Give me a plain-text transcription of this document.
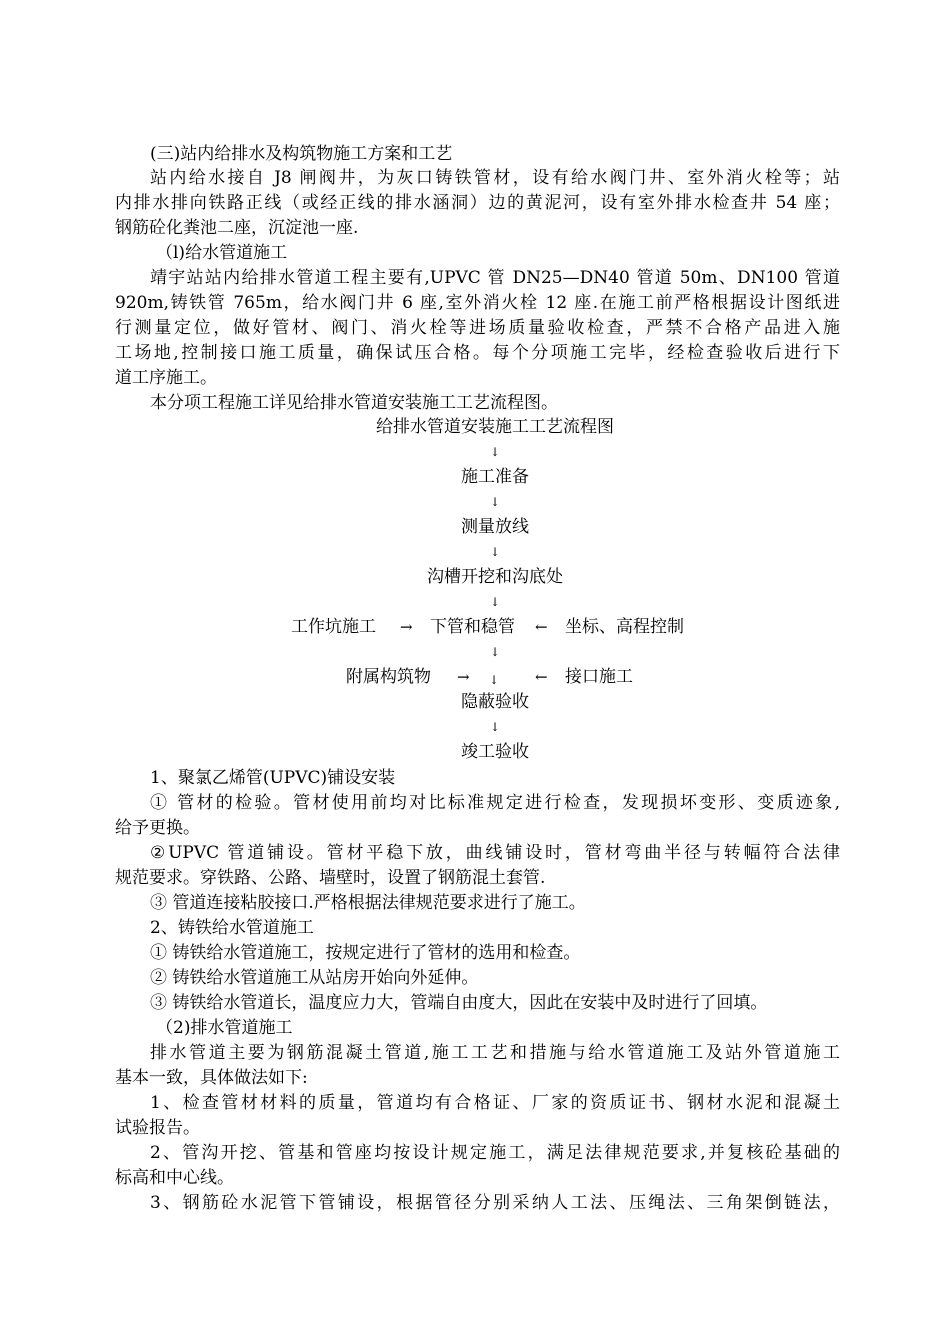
(三)站内给排水及构筑物施工方案和工艺
站内给水接自 J8 闸阀井，为灰口铸铁管材，设有给水阀门井、室外消火栓等；站
内排水排向铁路正线（或经正线的排水涵洞）边的黄泥河，设有室外排水检查井 54 座；
钢筋砼化粪池二座，沉淀池一座.
（l)给水管道施工
靖宇站站内给排水管道工程主要有,UPVC 管 DN25—DN40 管道 50m、DN100 管道
920m,铸铁管 765m，给水阀门井 6 座,室外消火栓 12 座.在施工前严格根据设计图纸进
行测量定位，做好管材、阀门、消火栓等进场质量验收检查，严禁不合格产品进入施
工场地,控制接口施工质量，确保试压合格。每个分项施工完毕，经检查验收后进行下
道工序施工。
本分项工程施工详见给排水管道安装施工工艺流程图。
给排水管道安装施工工艺流程图
↓
施工准备
↓
测量放线
↓
沟槽开挖和沟底处
↓
工作坑施工 → 下管和稳管 ← 坐标、高程控制
↓
附属构筑物 → ↓ ← 接口施工
隐蔽验收
↓
竣工验收
1、聚氯乙烯管(UPVC)铺设安装
① 管材的检验。管材使用前均对比标准规定进行检查，发现损坏变形、变质迹象,
给予更换。
②UPVC 管道铺设。管材平稳下放，曲线铺设时，管材弯曲半径与转幅符合法律
规范要求。穿铁路、公路、墙壁时，设置了钢筋混土套管.
③ 管道连接粘胶接口.严格根据法律规范要求进行了施工。
2、铸铁给水管道施工
① 铸铁给水管道施工，按规定进行了管材的选用和检查。
② 铸铁给水管道施工从站房开始向外延伸。
③ 铸铁给水管道长，温度应力大，管端自由度大，因此在安装中及时进行了回填。
（2)排水管道施工
排水管道主要为钢筋混凝土管道,施工工艺和措施与给水管道施工及站外管道施工
基本一致，具体做法如下:
1、检查管材材料的质量，管道均有合格证、厂家的资质证书、钢材水泥和混凝土
试验报告。
2、管沟开挖、管基和管座均按设计规定施工，满足法律规范要求,并复核砼基础的
标高和中心线。
3、钢筋砼水泥管下管铺设，根据管径分别采纳人工法、压绳法、三角架倒链法，
